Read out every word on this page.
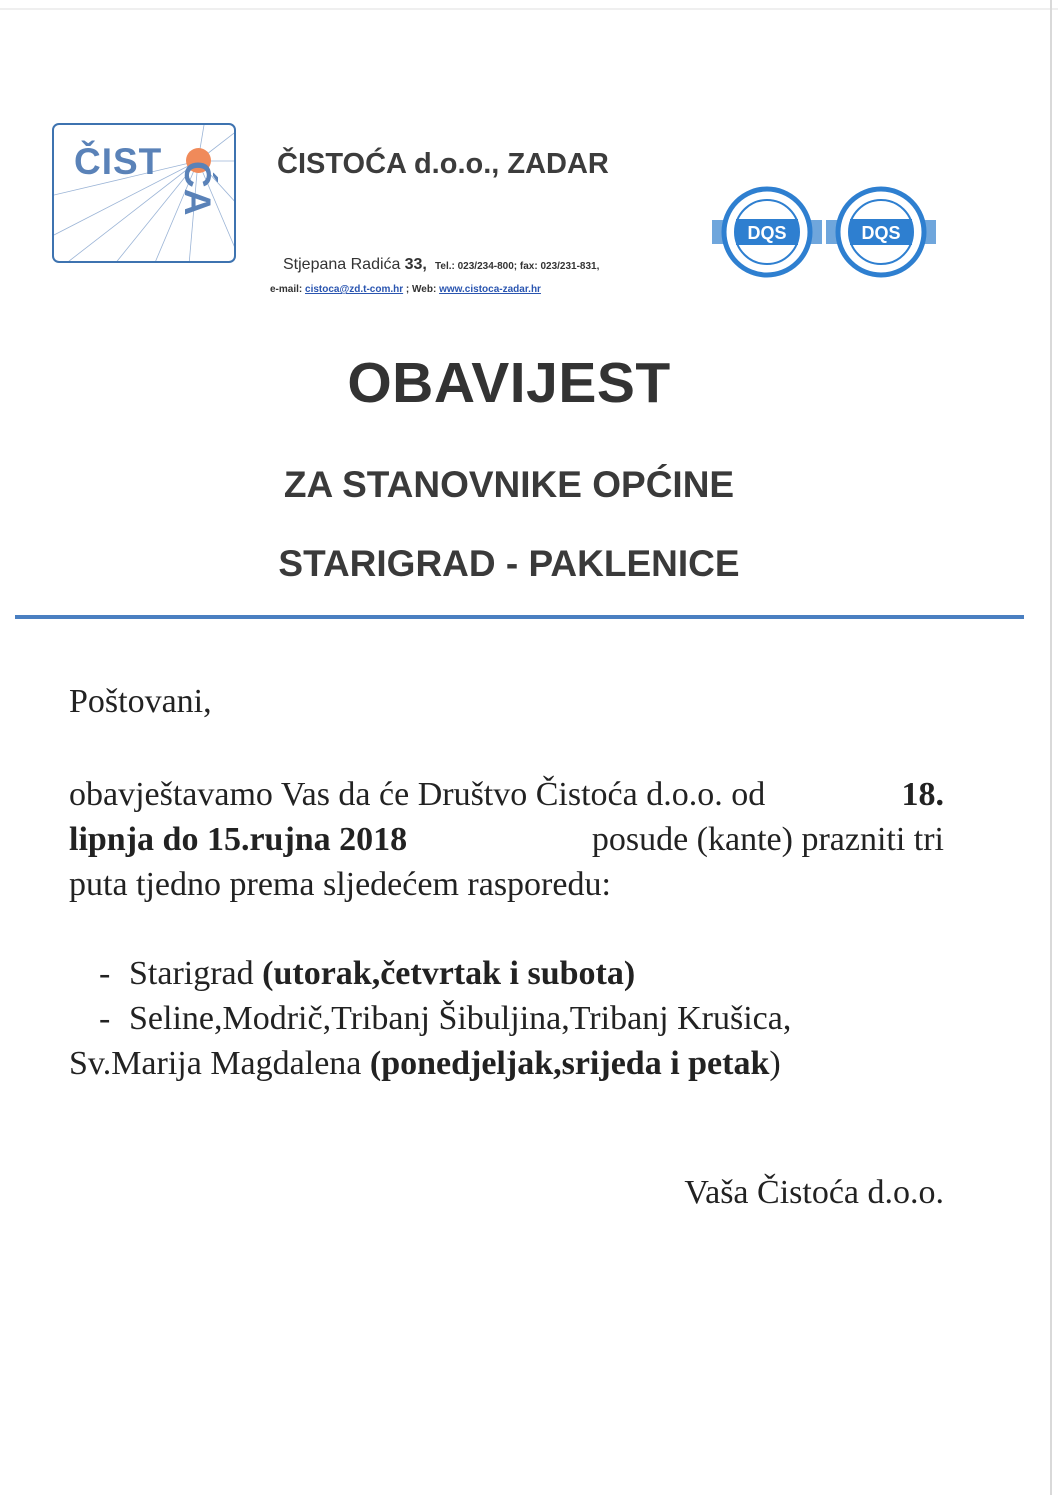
ČIST ĆA ČISTOĆA d.o.o., ZADAR
Stjepana Radića 33, Tel.: 023/234-800; fax: 023/231-831,
e-mail: cistoca@zd.t-com.hr ; Web: www.cistoca-zadar.hr
DQS	DQS
OBAVIJEST
ZA STANOVNIKE OPĆINE
STARIGRAD - PAKLENICE
Poštovani,
obavještavamo Vas da će Društvo Čistoća d.o.o. od	18.
lipnja do 15.rujna 2018	posude (kante) prazniti tri
puta tjedno prema sljedećem rasporedu:
- Starigrad (utorak,četvrtak i subota)
- Seline,Modrič,Tribanj Šibuljina,Tribanj Krušica,
Sv.Marija Magdalena (ponedjeljak,srijeda i petak)
Vaša Čistoća d.o.o.
